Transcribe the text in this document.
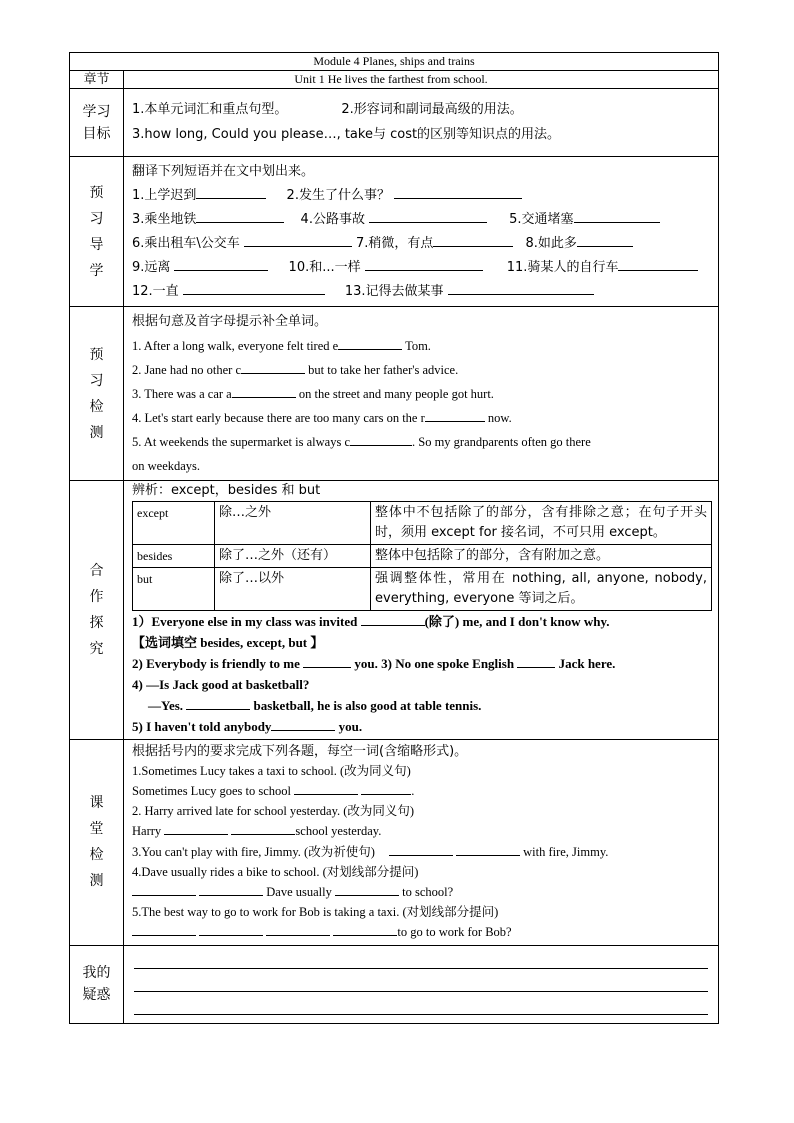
Module 4 Planes, ships and trains
章节	Unit 1 He lives the farthest from school.

学习目标

1.本单元词汇和重点句型。	2.形容词和副词最高级的用法。
3.how long, Could you please…, take与 cost的区别等知识点的用法。

预习导学

翻译下列短语并在文中划出来。
1.上学迟到	2.发生了什么事？
3.乘坐地铁	4.公路事故	5.交通堵塞
6.乘出租车\公交车	7.稍微，有点	8.如此多
9.远离	10.和...一样	11.骑某人的自行车
12.一直	13.记得去做某事

预习检测

根据句意及首字母提示补全单词。
1. After a long walk, everyone felt tired e	Tom.
2. Jane had no other c	but to take her father's advice.
3. There was a car a	on the street and many people got hurt.
4. Let's start early because there are too many cars on the r	now.
5. At weekends the supermarket is always c	. So my grandparents often go there
on weekdays.

合作探究

辨析：except，besides 和 but
except	除…之外	整体中不包括除了的部分，含有排除之意；在句子开头时，须用 except for 接名词，不可只用 except。
besides	除了…之外（还有）	整体中包括除了的部分，含有附加之意。
but	除了…以外	强调整体性，常用在 nothing, all, anyone, nobody, everything, everyone 等词之后。
1）Everyone else in my class was invited	(除了) me, and I don't know why.
【选词填空 besides, except, but 】
2) Everybody is friendly to me	you. 3) No one spoke English	Jack here.
4) —Is Jack good at basketball?
—Yes.	basketball, he is also good at table tennis.
5) I haven't told anybody	you.

课堂检测

根据括号内的要求完成下列各题，每空一词(含缩略形式)。
1.Sometimes Lucy takes a taxi to school. (改为同义句)
Sometimes Lucy goes to school	.
2. Harry arrived late for school yesterday. (改为同义句)
Harry	school yesterday.
3.You can't play with fire, Jimmy. (改为祈使句)	with fire, Jimmy.
4.Dave usually rides a bike to school. (对划线部分提问)
Dave usually	to school?
5.The best way to go to work for Bob is taking a taxi. (对划线部分提问)
to go to work for Bob?

我的疑惑
